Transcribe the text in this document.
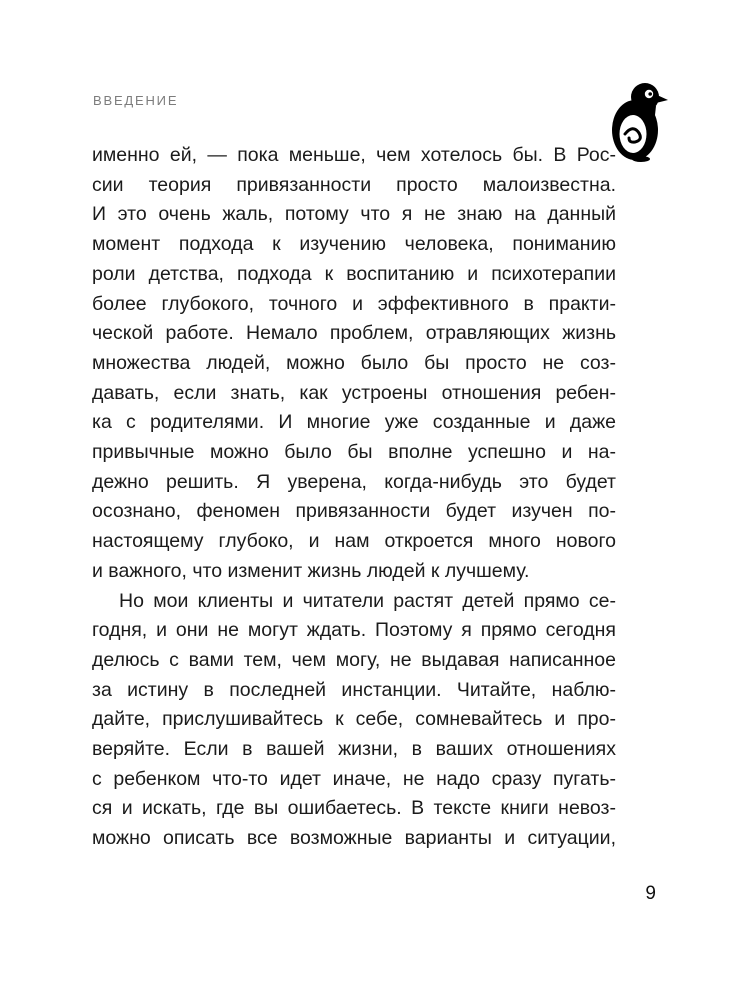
ВВЕДЕНИЕ
именно ей, — пока меньше, чем хотелось бы. В Рос-
сии теория привязанности просто малоизвестна.
И это очень жаль, потому что я не знаю на данный
момент подхода к изучению человека, пониманию
роли детства, подхода к воспитанию и психотерапии
более глубокого, точного и эффективного в практи-
ческой работе. Немало проблем, отравляющих жизнь
множества людей, можно было бы просто не соз-
давать, если знать, как устроены отношения ребен-
ка с родителями. И многие уже созданные и даже
привычные можно было бы вполне успешно и на-
дежно решить. Я уверена, когда-нибудь это будет
осознано, феномен привязанности будет изучен по-
настоящему глубоко, и нам откроется много нового
и важного, что изменит жизнь людей к лучшему.
Но мои клиенты и читатели растят детей прямо се-
годня, и они не могут ждать. Поэтому я прямо сегодня
делюсь с вами тем, чем могу, не выдавая написанное
за истину в последней инстанции. Читайте, наблю-
дайте, прислушивайтесь к себе, сомневайтесь и про-
веряйте. Если в вашей жизни, в ваших отношениях
с ребенком что-то идет иначе, не надо сразу пугать-
ся и искать, где вы ошибаетесь. В тексте книги невоз-
можно описать все возможные варианты и ситуации,
9
